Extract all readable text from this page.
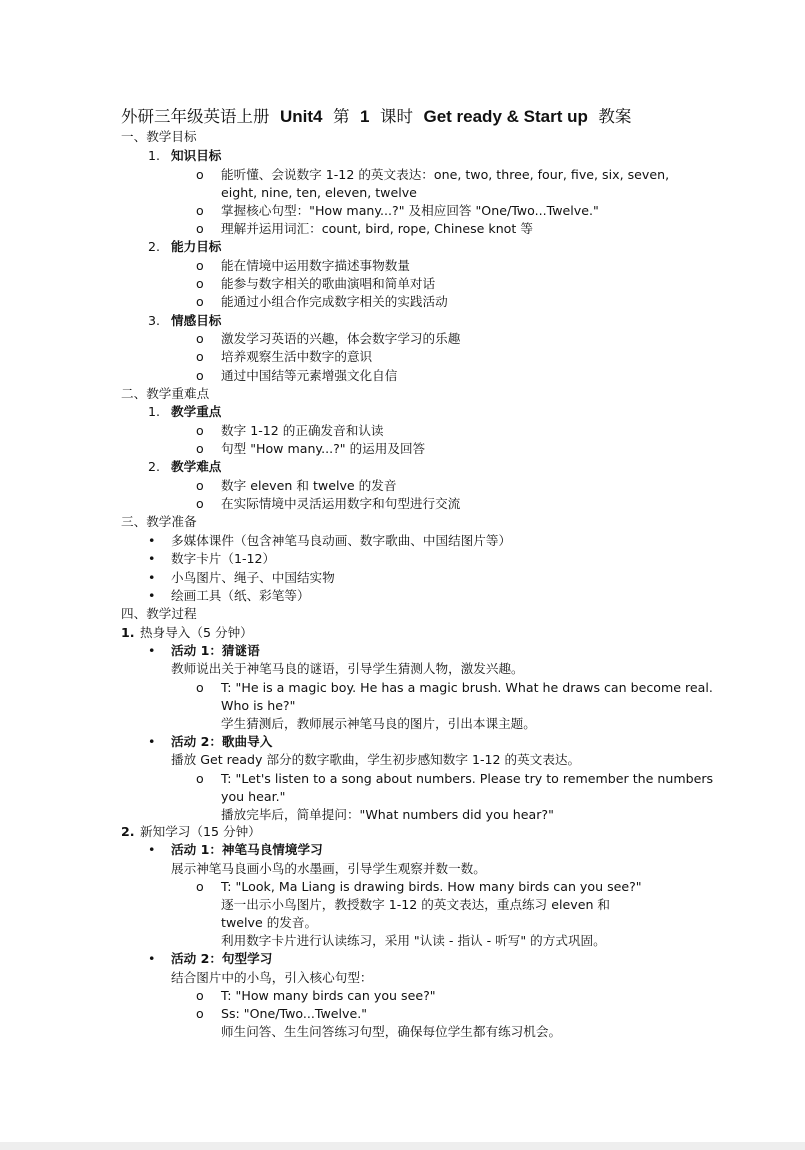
外研三年级英语上册 Unit4 第 1 课时 Get ready & Start up 教案
一、教学目标
1. 知识目标
o 能听懂、会说数字 1-12 的英文表达：one, two, three, four, five, six, seven,
eight, nine, ten, eleven, twelve
o 掌握核心句型："How many...?" 及相应回答 "One/Two...Twelve."
o 理解并运用词汇：count, bird, rope, Chinese knot 等
2. 能力目标
o 能在情境中运用数字描述事物数量
o 能参与数字相关的歌曲演唱和简单对话
o 能通过小组合作完成数字相关的实践活动
3. 情感目标
o 激发学习英语的兴趣，体会数字学习的乐趣
o 培养观察生活中数字的意识
o 通过中国结等元素增强文化自信
二、教学重难点
1. 教学重点
o 数字 1-12 的正确发音和认读
o 句型 "How many...?" 的运用及回答
2. 教学难点
o 数字 eleven 和 twelve 的发音
o 在实际情境中灵活运用数字和句型进行交流
三、教学准备
• 多媒体课件（包含神笔马良动画、数字歌曲、中国结图片等）
• 数字卡片（1-12）
• 小鸟图片、绳子、中国结实物
• 绘画工具（纸、彩笔等）
四、教学过程
1. 热身导入（5 分钟）
• 活动 1：猜谜语
教师说出关于神笔马良的谜语，引导学生猜测人物，激发兴趣。
o T: "He is a magic boy. He has a magic brush. What he draws can become real.
Who is he?"
学生猜测后，教师展示神笔马良的图片，引出本课主题。
• 活动 2：歌曲导入
播放 Get ready 部分的数字歌曲，学生初步感知数字 1-12 的英文表达。
o T: "Let's listen to a song about numbers. Please try to remember the numbers
you hear."
播放完毕后，简单提问："What numbers did you hear?"
2. 新知学习（15 分钟）
• 活动 1：神笔马良情境学习
展示神笔马良画小鸟的水墨画，引导学生观察并数一数。
o T: "Look, Ma Liang is drawing birds. How many birds can you see?"
逐一出示小鸟图片，教授数字 1-12 的英文表达，重点练习 eleven 和
twelve 的发音。
利用数字卡片进行认读练习，采用 "认读 - 指认 - 听写" 的方式巩固。
• 活动 2：句型学习
结合图片中的小鸟，引入核心句型：
o T: "How many birds can you see?"
o Ss: "One/Two...Twelve."
师生问答、生生问答练习句型，确保每位学生都有练习机会。
